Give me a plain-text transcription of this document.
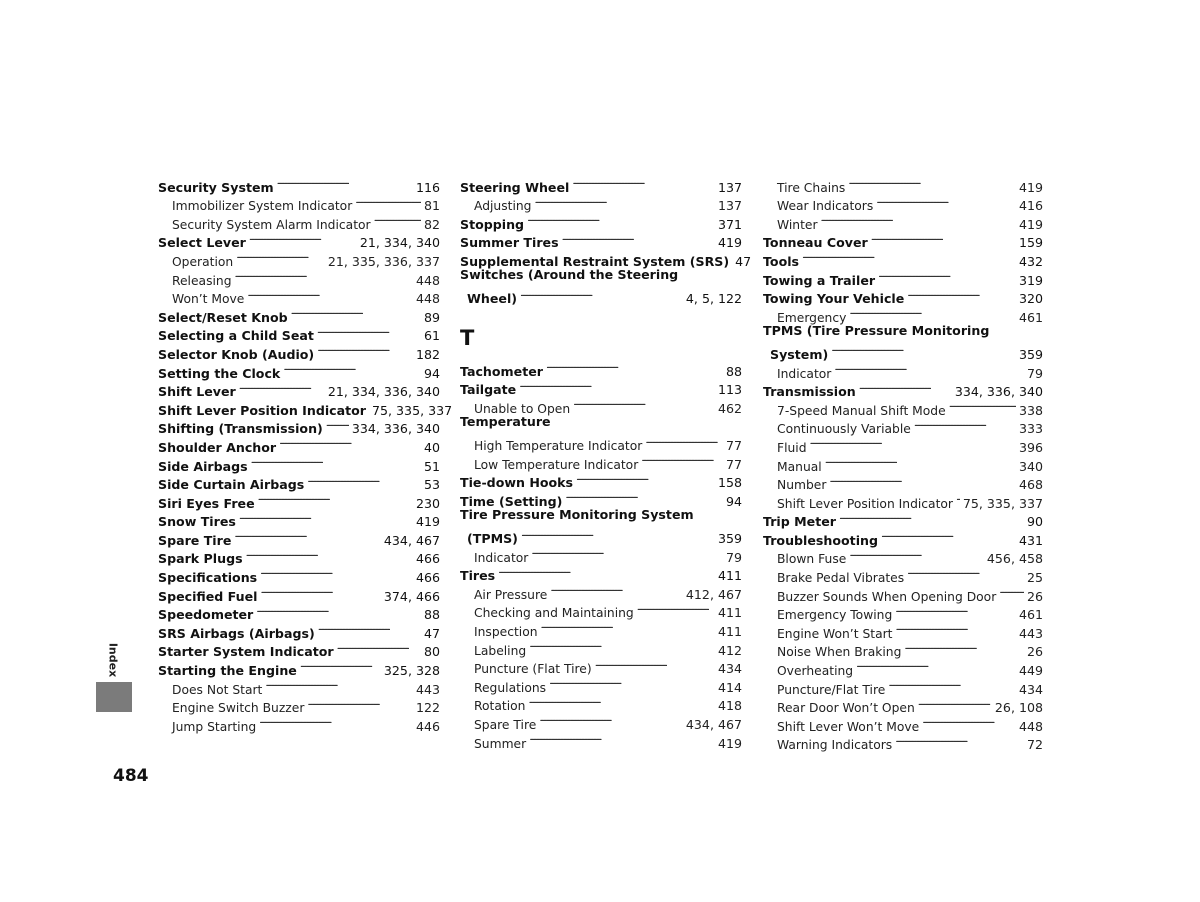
Security System . . .	116
Immobilizer System Indicator . . .	81
Security System Alarm Indicator . . .	82
Select Lever . . .	21, 334, 340
Operation . . .	21, 335, 336, 337
Releasing . . .	448
Won’t Move . . .	448
Select/Reset Knob . . .	89
Selecting a Child Seat . . .	61
Selector Knob (Audio) . . .	182
Setting the Clock . . .	94
Shift Lever . . .	21, 334, 336, 340
Shift Lever Position Indicator 75, 335, 337
Shifting (Transmission) . . . 334, 336, 340
Shoulder Anchor . . .	40
Side Airbags . . .	51
Side Curtain Airbags . . .	53
Siri Eyes Free . . .	230
Snow Tires . . .	419
Spare Tire . . .	434, 467
Spark Plugs . . .	466
Specifications . . .	466
Specified Fuel . . .	374, 466
Speedometer . . .	88
SRS Airbags (Airbags) . . .	47
Starter System Indicator . . .	80
Starting the Engine . . .	325, 328
Does Not Start . . .	443
Engine Switch Buzzer . . .	122
Jump Starting . . .	446
Steering Wheel . . .	137
Adjusting . . .	137
Stopping . . .	371
Summer Tires . . .	419
Supplemental Restraint System (SRS) 47
Switches (Around the Steering
Wheel) . . .	4, 5, 122
T
Tachometer . . .	88
Tailgate . . .	113
Unable to Open . . .	462
Temperature
High Temperature Indicator . . .	77
Low Temperature Indicator . . .	77
Tie-down Hooks . . .	158
Time (Setting) . . .	94
Tire Pressure Monitoring System
(TPMS) . . .	359
Indicator . . .	79
Tires . . .	411
Air Pressure . . .	412, 467
Checking and Maintaining . . .	411
Inspection . . .	411
Labeling . . .	412
Puncture (Flat Tire) . . .	434
Regulations . . .	414
Rotation . . .	418
Spare Tire . . .	434, 467
Summer . . .	419
Tire Chains . . .	419
Wear Indicators . . .	416
Winter . . .	419
Tonneau Cover . . .	159
Tools . . .	432
Towing a Trailer . . .	319
Towing Your Vehicle . . .	320
Emergency . . .	461
TPMS (Tire Pressure Monitoring
System) . . .	359
Indicator . . .	79
Transmission . . .	334, 336, 340
7-Speed Manual Shift Mode . . .	338
Continuously Variable . . .	333
Fluid . . .	396
Manual . . .	340
Number . . .	468
Shift Lever Position Indicator . . . 75, 335, 337
Trip Meter . . .	90
Troubleshooting . . .	431
Blown Fuse . . .	456, 458
Brake Pedal Vibrates . . .	25
Buzzer Sounds When Opening Door . . . 26
Emergency Towing . . .	461
Engine Won’t Start . . .	443
Noise When Braking . . .	26
Overheating . . .	449
Puncture/Flat Tire . . .	434
Rear Door Won’t Open . . .	26, 108
Shift Lever Won’t Move . . .	448
Warning Indicators . . .	72
Index
484
